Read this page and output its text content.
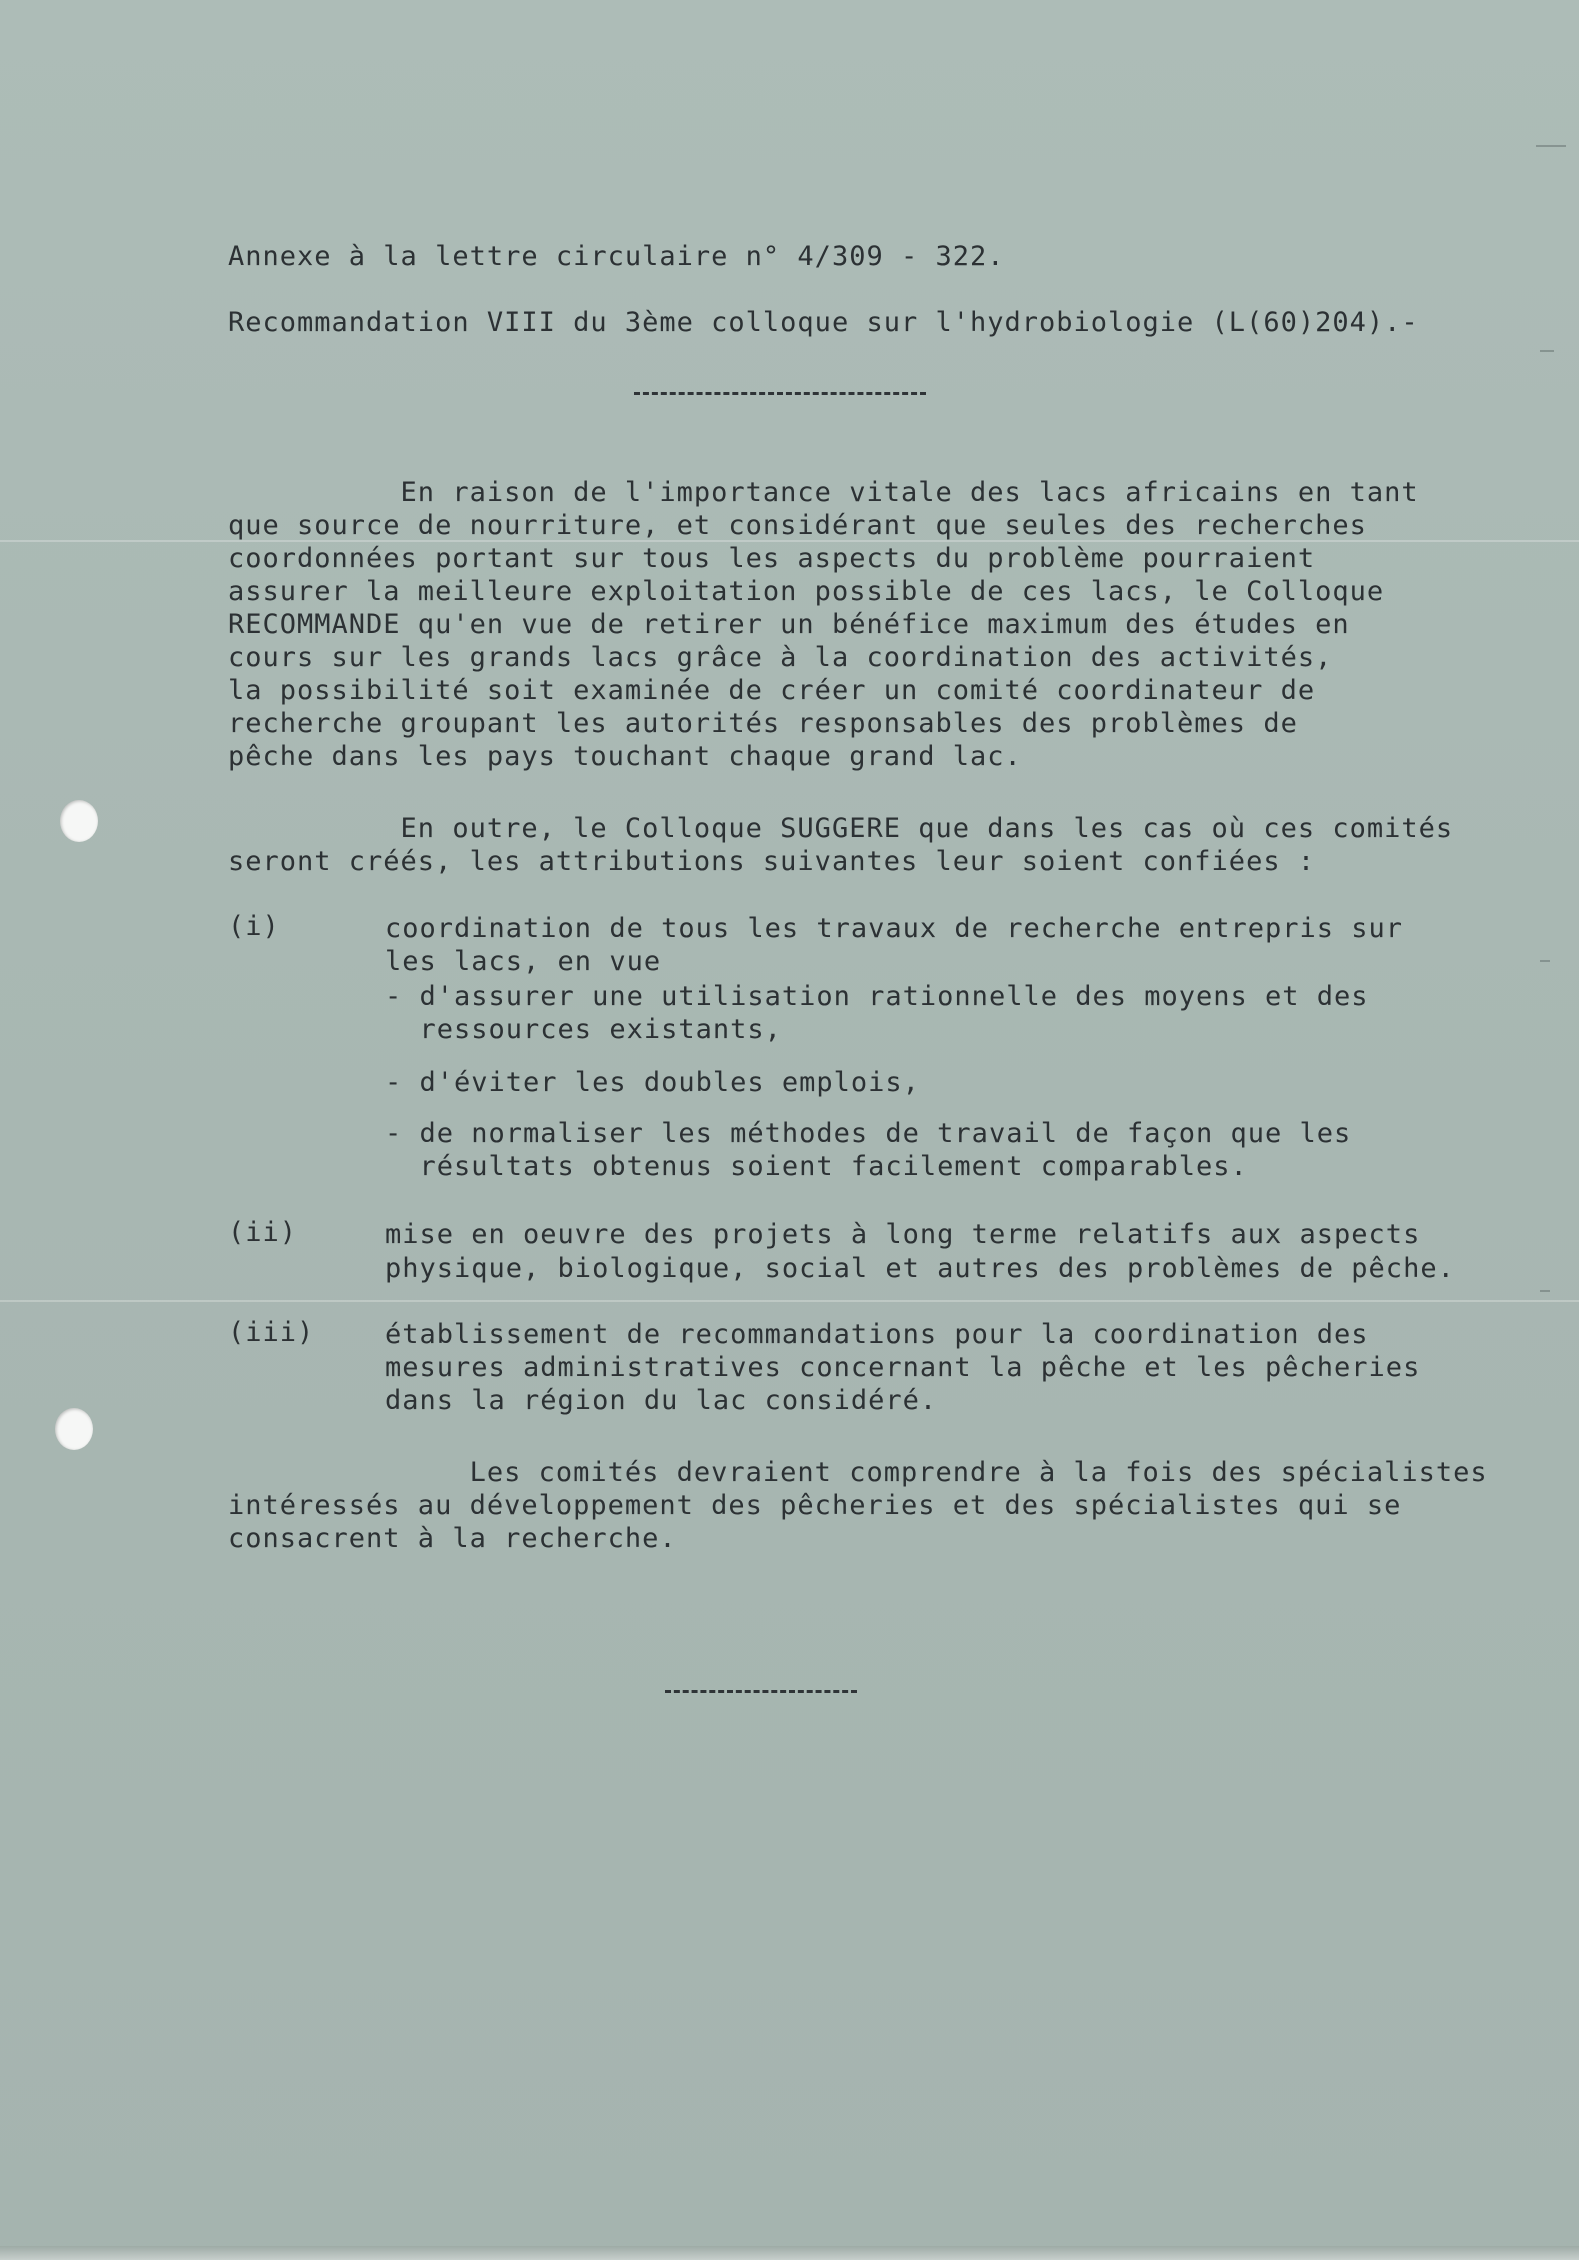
Annexe à la lettre circulaire n° 4/309 - 322.
Recommandation VIII du 3ème colloque sur l'hydrobiologie (L(60)204).-
En raison de l'importance vitale des lacs africains en tant
que source de nourriture, et considérant que seules des recherches
coordonnées portant sur tous les aspects du problème pourraient
assurer la meilleure exploitation possible de ces lacs, le Colloque
RECOMMANDE qu'en vue de retirer un bénéfice maximum des études en
cours sur les grands lacs grâce à la coordination des activités,
la possibilité soit examinée de créer un comité coordinateur de
recherche groupant les autorités responsables des problèmes de
pêche dans les pays touchant chaque grand lac.
En outre, le Colloque SUGGERE que dans les cas où ces comités
seront créés, les attributions suivantes leur soient confiées :
(i)	coordination de tous les travaux de recherche entrepris sur
les lacs, en vue
- d'assurer une utilisation rationnelle des moyens et des
ressources existants,
- d'éviter les doubles emplois,
- de normaliser les méthodes de travail de façon que les
résultats obtenus soient facilement comparables.
(ii)	mise en oeuvre des projets à long terme relatifs aux aspects
physique, biologique, social et autres des problèmes de pêche.
(iii)	établissement de recommandations pour la coordination des
mesures administratives concernant la pêche et les pêcheries
dans la région du lac considéré.
Les comités devraient comprendre à la fois des spécialistes
intéressés au développement des pêcheries et des spécialistes qui se
consacrent à la recherche.
